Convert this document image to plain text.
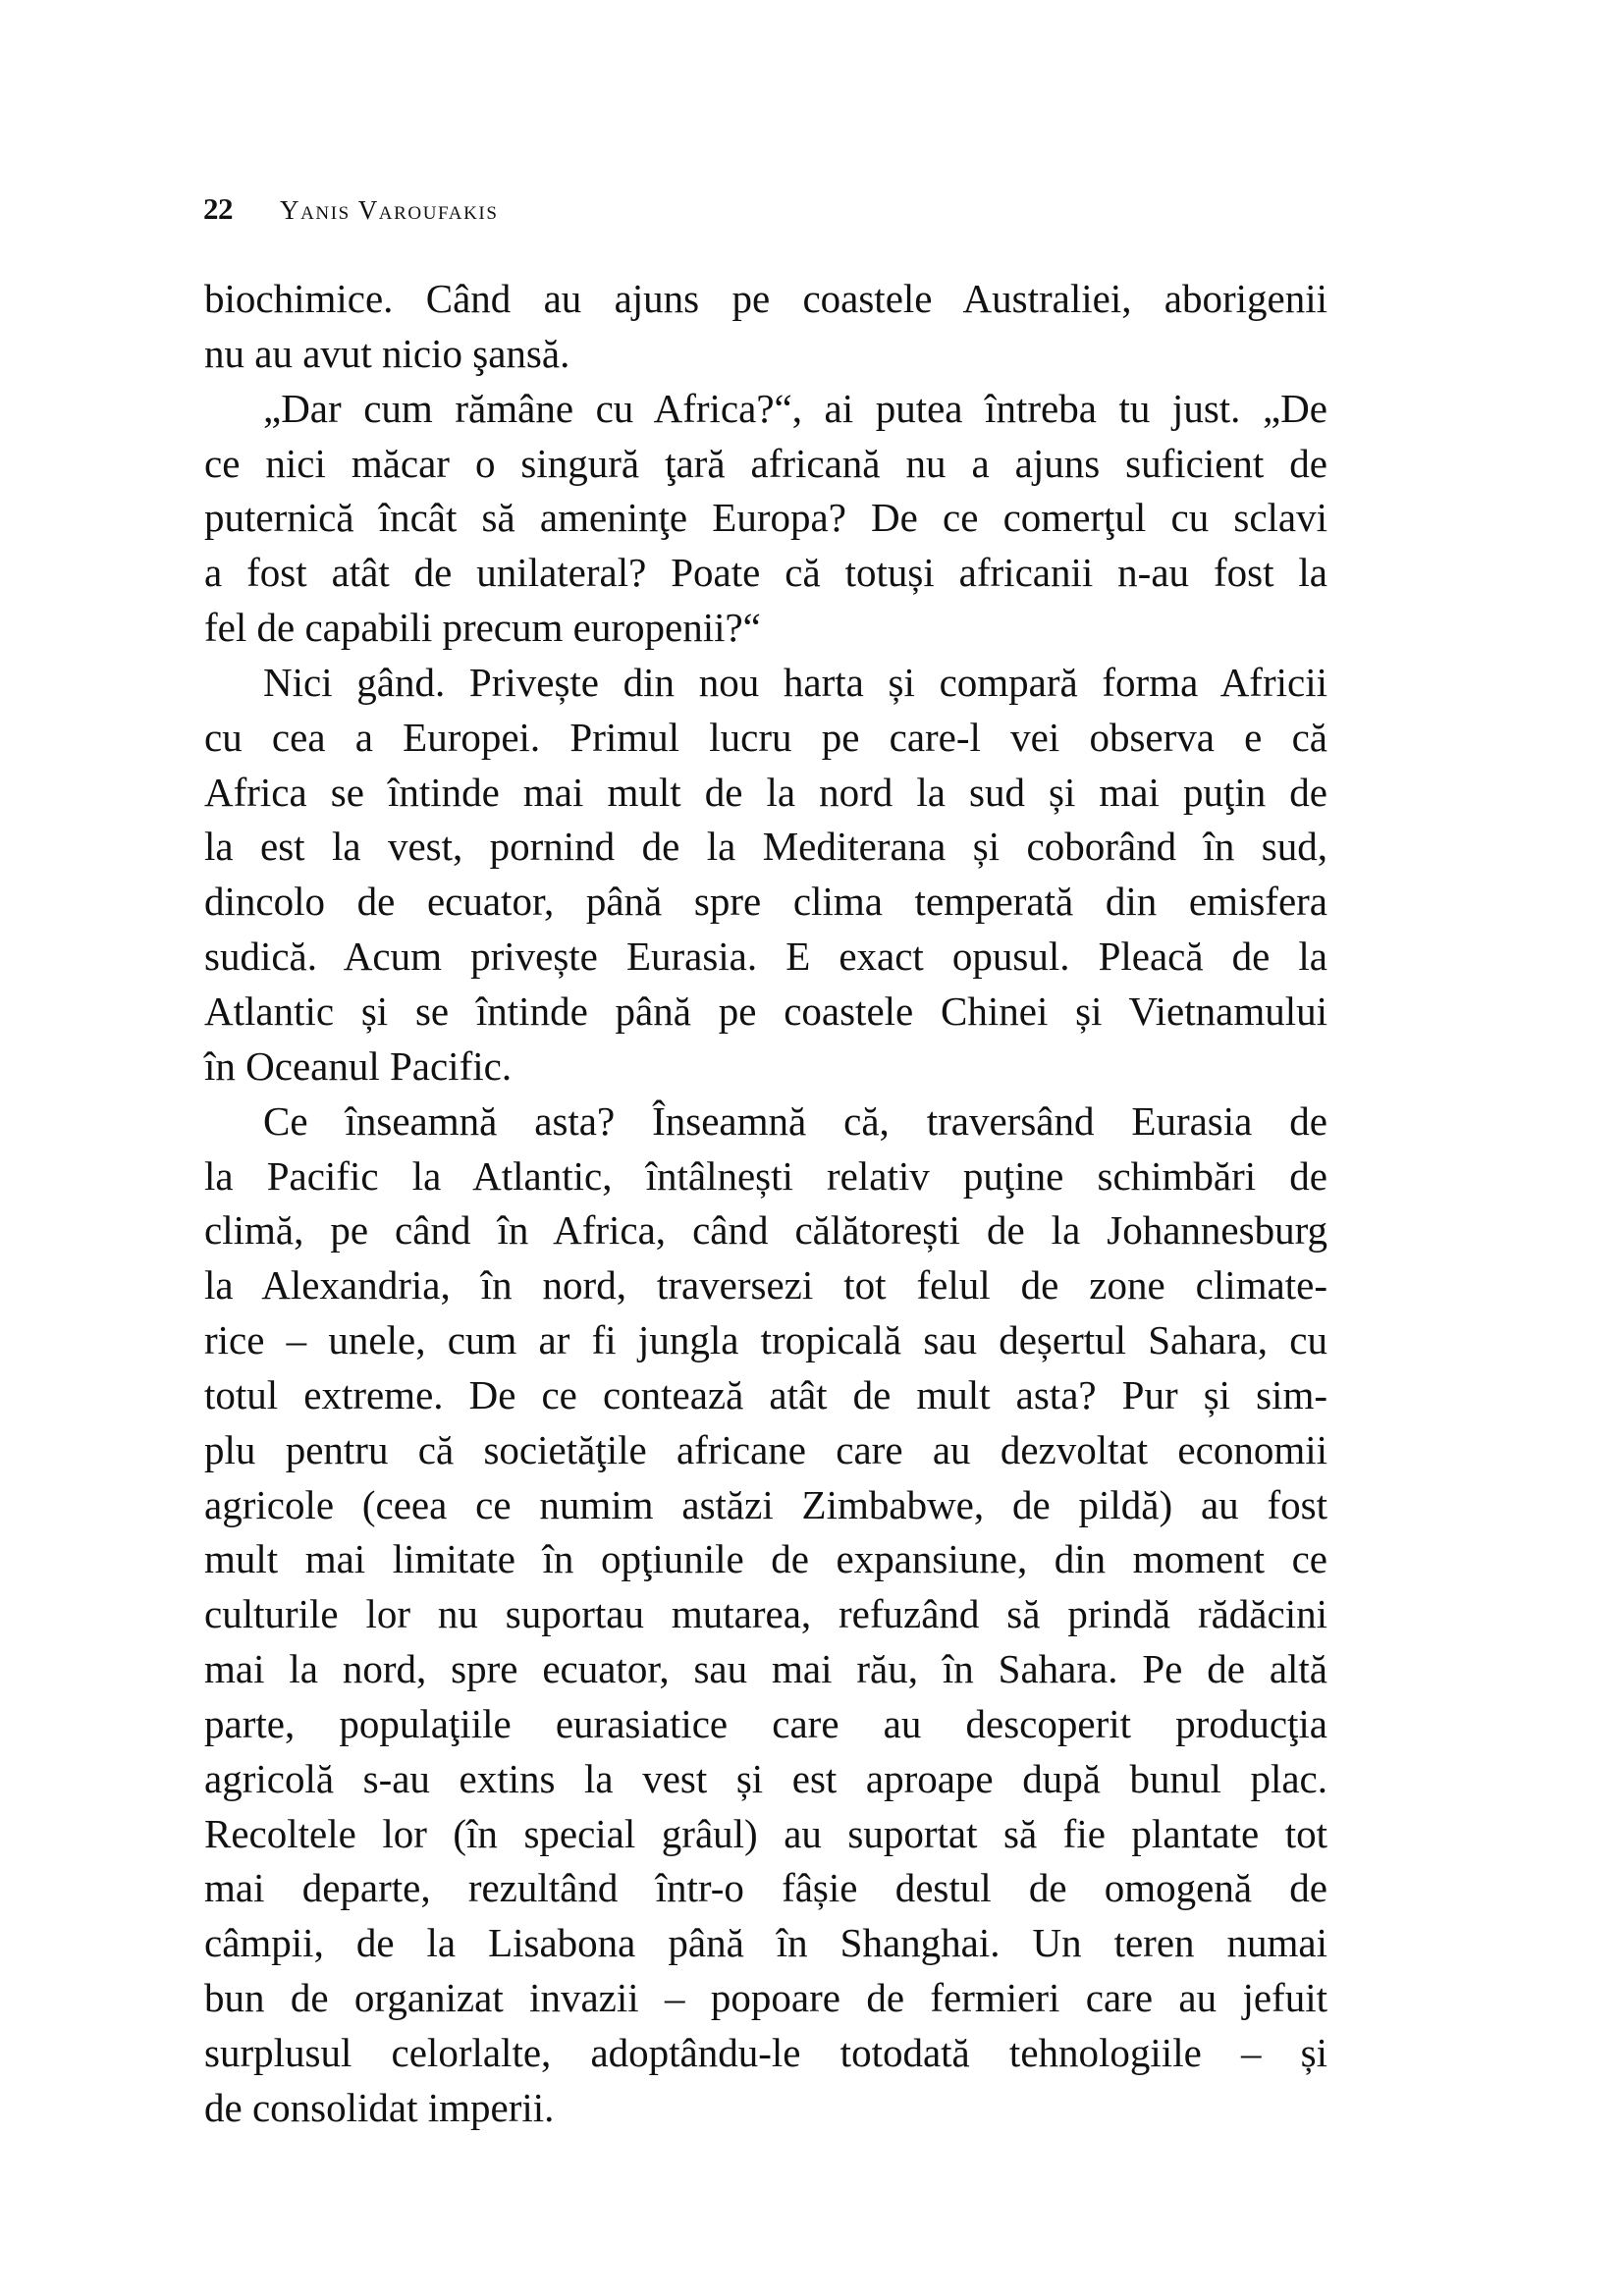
22 Yanis Varoufakis
biochimice. Când au ajuns pe coastele Australiei, aborigenii
nu au avut nicio şansă.
„Dar cum rămâne cu Africa?“, ai putea întreba tu just. „De
ce nici măcar o singură ţară africană nu a ajuns suficient de
puternică încât să ameninţe Europa? De ce comerţul cu sclavi
a fost atât de unilateral? Poate că totuși africanii n-au fost la
fel de capabili precum europenii?“
Nici gând. Privește din nou harta și compară forma Africii
cu cea a Europei. Primul lucru pe care-l vei observa e că
Africa se întinde mai mult de la nord la sud și mai puţin de
la est la vest, pornind de la Mediterana și coborând în sud,
dincolo de ecuator, până spre clima temperată din emisfera
sudică. Acum privește Eurasia. E exact opusul. Pleacă de la
Atlantic și se întinde până pe coastele Chinei și Vietnamului
în Oceanul Pacific.
Ce înseamnă asta? Înseamnă că, traversând Eurasia de
la Pacific la Atlantic, întâlnești relativ puţine schimbări de
climă, pe când în Africa, când călătorești de la Johannesburg
la Alexandria, în nord, traversezi tot felul de zone climate-
rice – unele, cum ar fi jungla tropicală sau deșertul Sahara, cu
totul extreme. De ce contează atât de mult asta? Pur și sim-
plu pentru că societăţile africane care au dezvoltat economii
agricole (ceea ce numim astăzi Zimbabwe, de pildă) au fost
mult mai limitate în opţiunile de expansiune, din moment ce
culturile lor nu suportau mutarea, refuzând să prindă rădăcini
mai la nord, spre ecuator, sau mai rău, în Sahara. Pe de altă
parte, populaţiile eurasiatice care au descoperit producţia
agricolă s-au extins la vest și est aproape după bunul plac.
Recoltele lor (în special grâul) au suportat să fie plantate tot
mai departe, rezultând într-o fâșie destul de omogenă de
câmpii, de la Lisabona până în Shanghai. Un teren numai
bun de organizat invazii – popoare de fermieri care au jefuit
surplusul celorlalte, adoptându-le totodată tehnologiile – și
de consolidat imperii.
